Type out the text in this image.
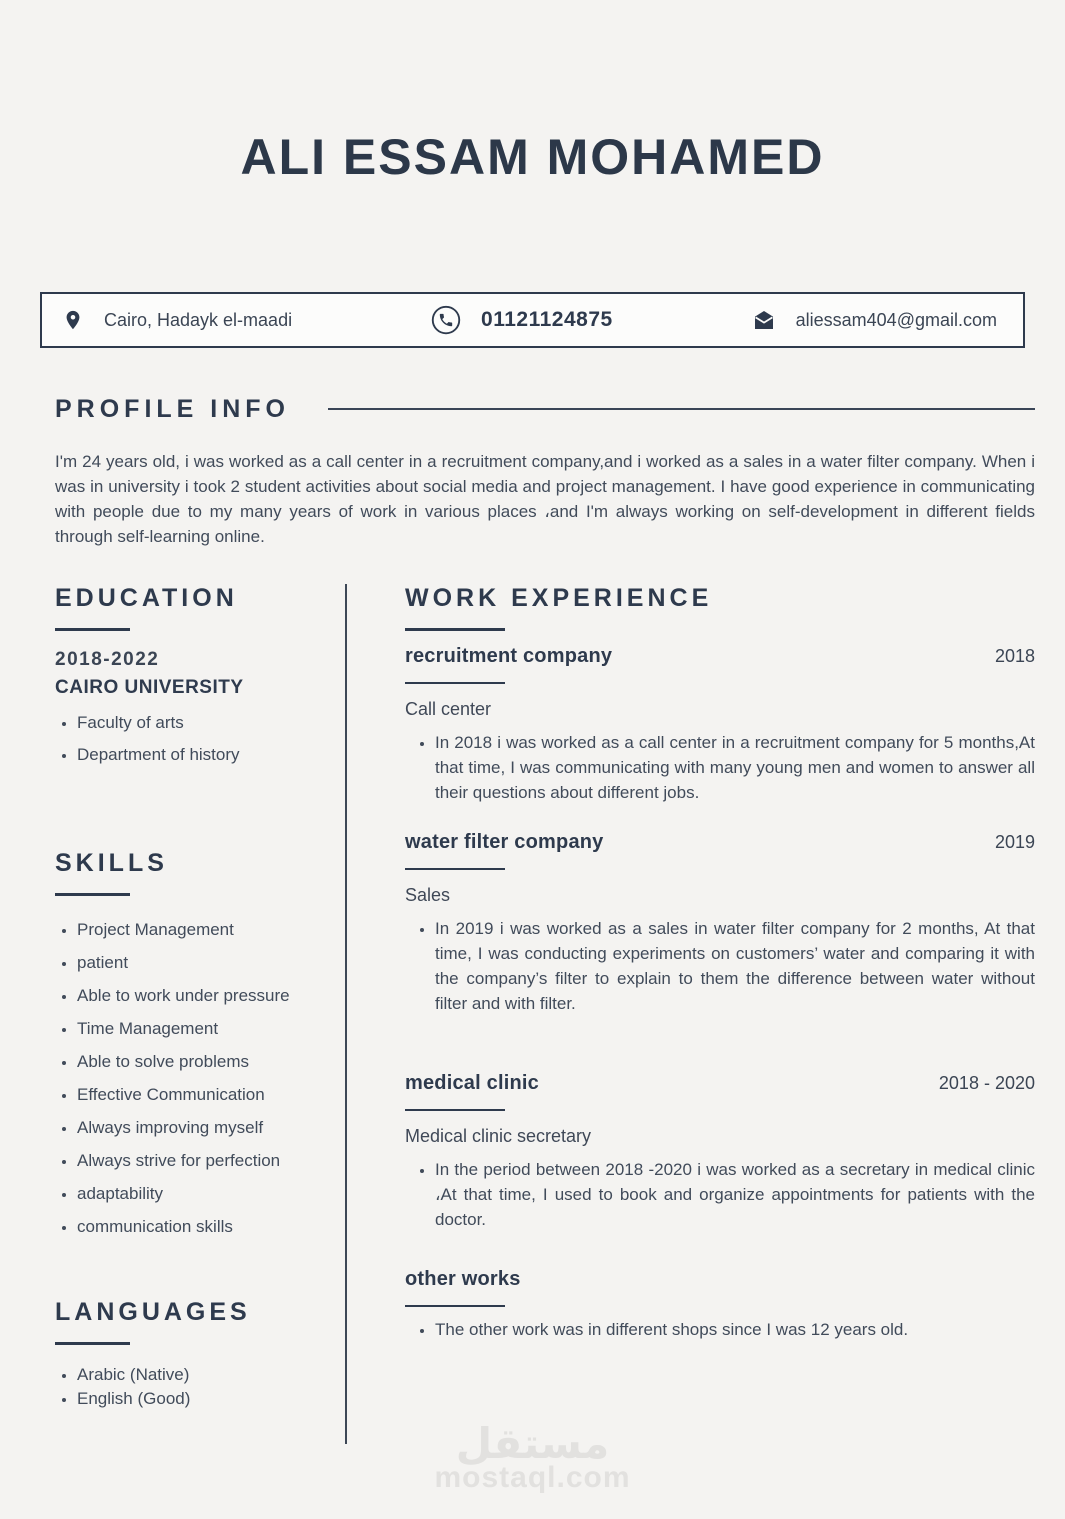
ALI ESSAM MOHAMED
Cairo, Hadayk el-maadi	01121124875	aliessam404@gmail.com
PROFILE INFO

I'm 24 years old, i was worked as a call center in a recruitment company,and i worked as a sales in a water filter company. When i was in university i took 2 student activities about social media and project management. I have good experience in communicating with people due to my many years of work in various places ،and I'm always working on self-development in different fields through self-learning online.

EDUCATION
2018-2022
CAIRO UNIVERSITY
• Faculty of arts
• Department of history
SKILLS
• Project Management
• patient
• Able to work under pressure
• Time Management
• Able to solve problems
• Effective Communication
• Always improving myself
• Always strive for perfection
• adaptability
• communication skills
LANGUAGES
• Arabic (Native)
• English (Good)
WORK EXPERIENCE
recruitment company	2018
Call center
• In 2018 i was worked as a call center in a recruitment company for 5 months,At that time, I was communicating with many young men and women to answer all their questions about different jobs.
water filter company	2019
Sales
• In 2019 i was worked as a sales in water filter company for 2 months, At that time, I was conducting experiments on customers’ water and comparing it with the company’s filter to explain to them the difference between water without filter and with filter.
medical clinic	2018 - 2020
Medical clinic secretary
• In the period between 2018 -2020 i was worked as a secretary in medical clinic ،At that time, I used to book and organize appointments for patients with the doctor.
other works
• The other work was in different shops since I was 12 years old.
مستقل
mostaql.com
